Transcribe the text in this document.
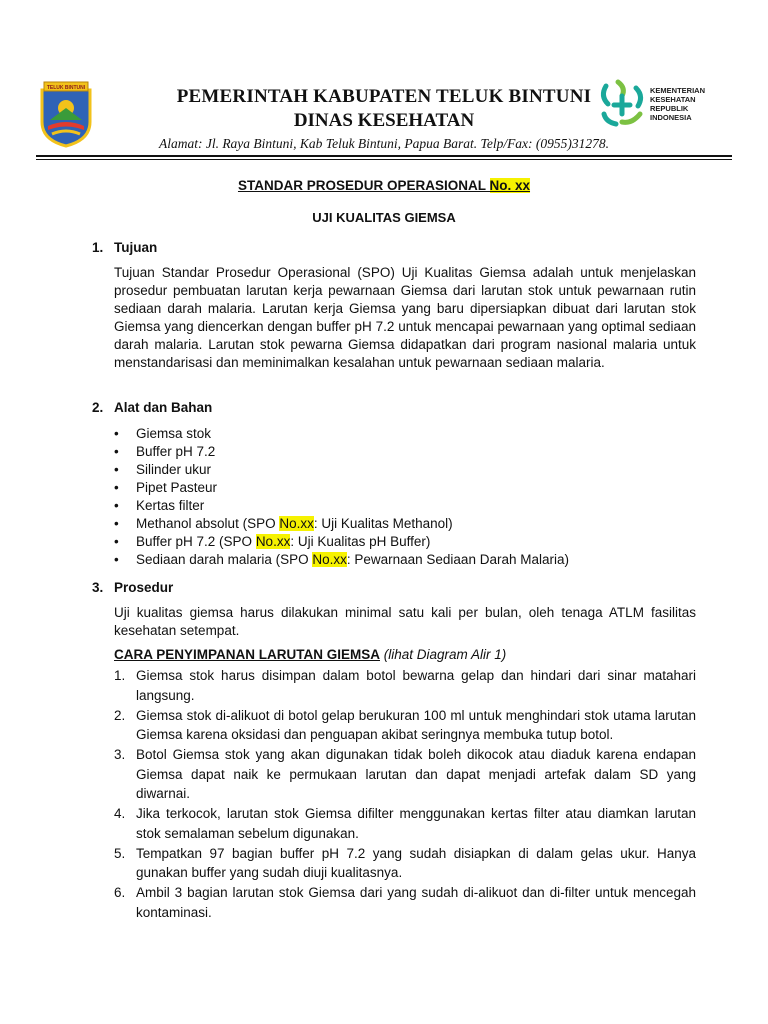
TELUK BINTUNI	PEMERINTAH KABUPATEN TELUK BINTUNI
DINAS KESEHATAN
Alamat: Jl. Raya Bintuni, Kab Teluk Bintuni, Papua Barat. Telp/Fax: (0955)31278.
KEMENTERIAN
KESEHATAN
REPUBLIK
INDONESIA
STANDAR PROSEDUR OPERASIONAL No. xx
UJI KUALITAS GIEMSA
1. Tujuan
Tujuan Standar Prosedur Operasional (SPO) Uji Kualitas Giemsa adalah untuk menjelaskan prosedur pembuatan larutan kerja pewarnaan Giemsa dari larutan stok untuk pewarnaan rutin sediaan darah malaria. Larutan kerja Giemsa yang baru dipersiapkan dibuat dari larutan stok Giemsa yang diencerkan dengan buffer pH 7.2 untuk mencapai pewarnaan yang optimal sediaan darah malaria. Larutan stok pewarna Giemsa didapatkan dari program nasional malaria untuk menstandarisasi dan meminimalkan kesalahan untuk pewarnaan sediaan malaria.
2. Alat dan Bahan
• Giemsa stok
• Buffer pH 7.2
• Silinder ukur
• Pipet Pasteur
• Kertas filter
• Methanol absolut (SPO No.xx: Uji Kualitas Methanol)
• Buffer pH 7.2 (SPO No.xx: Uji Kualitas pH Buffer)
• Sediaan darah malaria (SPO No.xx: Pewarnaan Sediaan Darah Malaria)
3. Prosedur
Uji kualitas giemsa harus dilakukan minimal satu kali per bulan, oleh tenaga ATLM fasilitas kesehatan setempat.
CARA PENYIMPANAN LARUTAN GIEMSA (lihat Diagram Alir 1)
1. Giemsa stok harus disimpan dalam botol bewarna gelap dan hindari dari sinar matahari langsung.
2. Giemsa stok di-alikuot di botol gelap berukuran 100 ml untuk menghindari stok utama larutan Giemsa karena oksidasi dan penguapan akibat seringnya membuka tutup botol.
3. Botol Giemsa stok yang akan digunakan tidak boleh dikocok atau diaduk karena endapan Giemsa dapat naik ke permukaan larutan dan dapat menjadi artefak dalam SD yang diwarnai.
4. Jika terkocok, larutan stok Giemsa difilter menggunakan kertas filter atau diamkan larutan stok semalaman sebelum digunakan.
5. Tempatkan 97 bagian buffer pH 7.2 yang sudah disiapkan di dalam gelas ukur. Hanya gunakan buffer yang sudah diuji kualitasnya.
6. Ambil 3 bagian larutan stok Giemsa dari yang sudah di-alikuot dan di-filter untuk mencegah kontaminasi.
